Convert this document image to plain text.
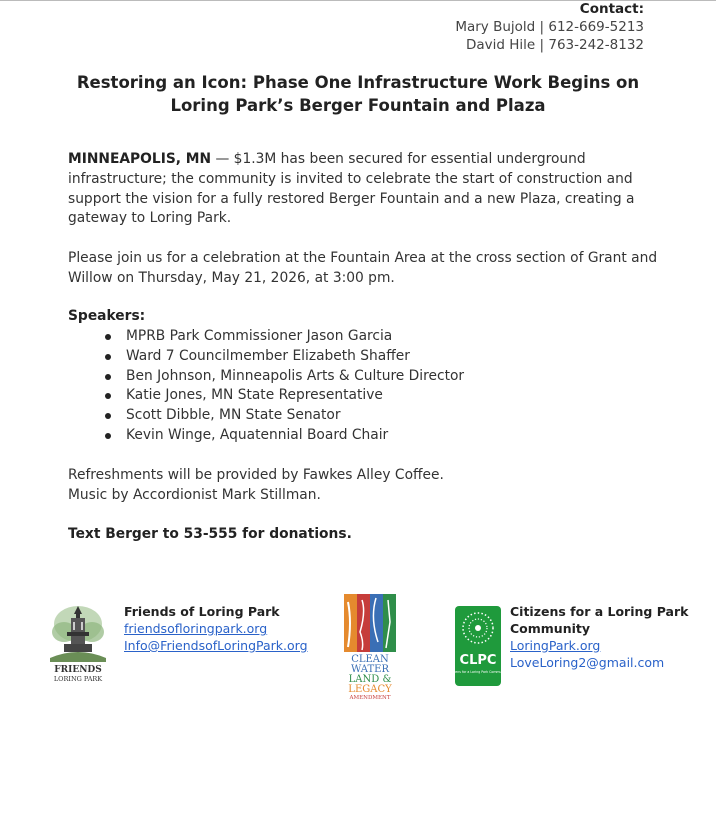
Contact:
Mary Bujold | 612-669-5213
David Hile | 763-242-8132
Restoring an Icon: Phase One Infrastructure Work Begins on
Loring Park’s Berger Fountain and Plaza
MINNEAPOLIS, MN — $1.3M has been secured for essential underground infrastructure; the community is invited to celebrate the start of construction and support the vision for a fully restored Berger Fountain and a new Plaza, creating a gateway to Loring Park.
Please join us for a celebration at the Fountain Area at the cross section of Grant and Willow on Thursday, May 21, 2026, at 3:00 pm.
Speakers:
MPRB Park Commissioner Jason Garcia
Ward 7 Councilmember Elizabeth Shaffer
Ben Johnson, Minneapolis Arts & Culture Director
Katie Jones, MN State Representative
Scott Dibble, MN State Senator
Kevin Winge, Aquatennial Board Chair
Refreshments will be provided by Fawkes Alley Coffee.
Music by Accordionist Mark Stillman.
Text Berger to 53-555 for donations.
FRIENDS
LORING PARK
Friends of Loring Park
friendsofloringpark.org
Info@FriendsofLoringPark.org
CLEAN
WATER
LAND &
LEGACY
AMENDMENT
CLPC
Citizens for a Loring Park Community
Citizens for a Loring Park Community
LoringPark.org
LoveLoring2@gmail.com
